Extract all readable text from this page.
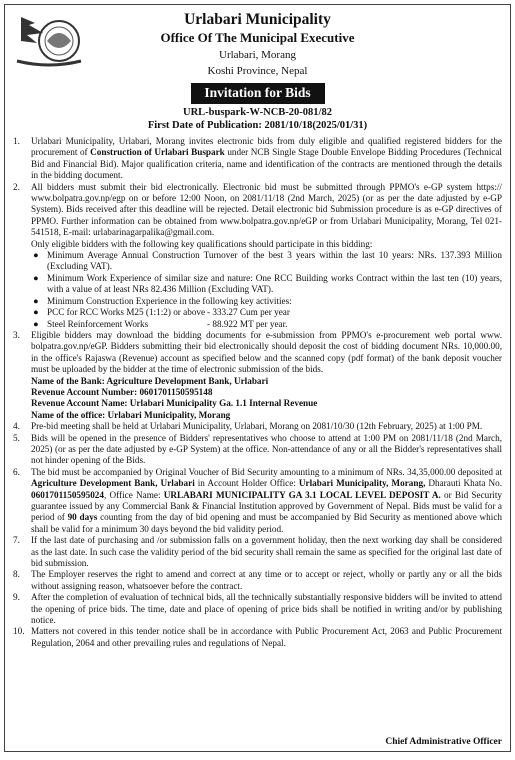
Urlabari Municipality
Office Of The Municipal Executive
Urlabari, Morang
Koshi Province, Nepal
Invitation for Bids
URL-buspark-W-NCB-20-081/82
First Date of Publication: 2081/10/18(2025/01/31)
1.	Urlabari Municipality, Urlabari, Morang invites electronic bids from duly eligible and qualified registered bidders for the procurement of Construction of Urlabari Buspark under NCB Single Stage Double Envelope Bidding Procedures (Technical Bid and Financial Bid). Major qualification criteria, name and identification of the contracts are mentioned through the details in the bidding document.
2.	All bidders must submit their bid electronically. Electronic bid must be submitted through PPMO's e-GP system https:// www.bolpatra.gov.np/egp on or before 12:00 Noon, on 2081/11/18 (2nd March, 2025) (or as per the date adjusted by e-GP System). Bids received after this deadline will be rejected. Detail electronic bid Submission procedure is as e-GP directives of PPMO. Further information can be obtained from www.bolpatra.gov.np/eGP or from Urlabari Municipality, Morang, Tel 021-541518, E-mail: urlabarinagarpalika@gmail.com.
Only eligible bidders with the following key qualifications should participate in this bidding:
● Minimum Average Annual Construction Turnover of the best 3 years within the last 10 years: NRs. 137.393 Million (Excluding VAT).
● Minimum Work Experience of similar size and nature: One RCC Building works Contract within the last ten (10) years, with a value of at least NRs 82.436 Million (Excluding VAT).
● Minimum Construction Experience in the following key activities:
● PCC for RCC Works M25 (1:1:2) or above - 333.27 Cum per year
● Steel Reinforcement Works	- 88.922 MT per year.
3.	Eligible bidders may download the bidding documents for e-submission from PPMO's e-procurement web portal www. bolpatra.gov.np/eGP. Bidders submitting their bid electronically should deposit the cost of bidding document NRs. 10,000.00, in the office's Rajaswa (Revenue) account as specified below and the scanned copy (pdf format) of the bank deposit voucher must be uploaded by the bidder at the time of electronic submission of the bids.
Name of the Bank: Agriculture Development Bank, Urlabari
Revenue Account Number: 0601701150595148
Revenue Account Name: Urlabari Municipality Ga. 1.1 Internal Revenue
Name of the office: Urlabari Municipality, Morang
4.	Pre-bid meeting shall be held at Urlabari Municipality, Urlabari, Morang on 2081/10/30 (12th February, 2025) at 1:00 PM.
5.	Bids will be opened in the presence of Bidders' representatives who choose to attend at 1:00 PM on 2081/11/18 (2nd March, 2025) (or as per the date adjusted by e-GP System) at the office. Non-attendance of any or all the Bidder's representatives shall not hinder opening of the Bids.
6.	The bid must be accompanied by Original Voucher of Bid Security amounting to a minimum of NRs. 34,35,000.00 deposited at Agriculture Development Bank, Urlabari in Account Holder Office: Urlabari Municipality, Morang, Dharauti Khata No. 0601701150595024, Office Name: URLABARI MUNICIPALITY GA 3.1 LOCAL LEVEL DEPOSIT A. or Bid Security guarantee issued by any Commercial Bank & Financial Institution approved by Government of Nepal. Bids must be valid for a period of 90 days counting from the day of bid opening and must be accompanied by Bid Security as mentioned above which shall be valid for a minimum 30 days beyond the bid validity period.
7.	If the last date of purchasing and /or submission falls on a government holiday, then the next working day shall be considered as the last date. In such case the validity period of the bid security shall remain the same as specified for the original last date of bid submission.
8.	The Employer reserves the right to amend and correct at any time or to accept or reject, wholly or partly any or all the bids without assigning reason, whatsoever before the contract.
9.	After the completion of evaluation of technical bids, all the technically substantially responsive bidders will be invited to attend the opening of price bids. The time, date and place of opening of price bids shall be notified in writing and/or by publishing notice.
10. Matters not covered in this tender notice shall be in accordance with Public Procurement Act, 2063 and Public Procurement Regulation, 2064 and other prevailing rules and regulations of Nepal.
Chief Administrative Officer
